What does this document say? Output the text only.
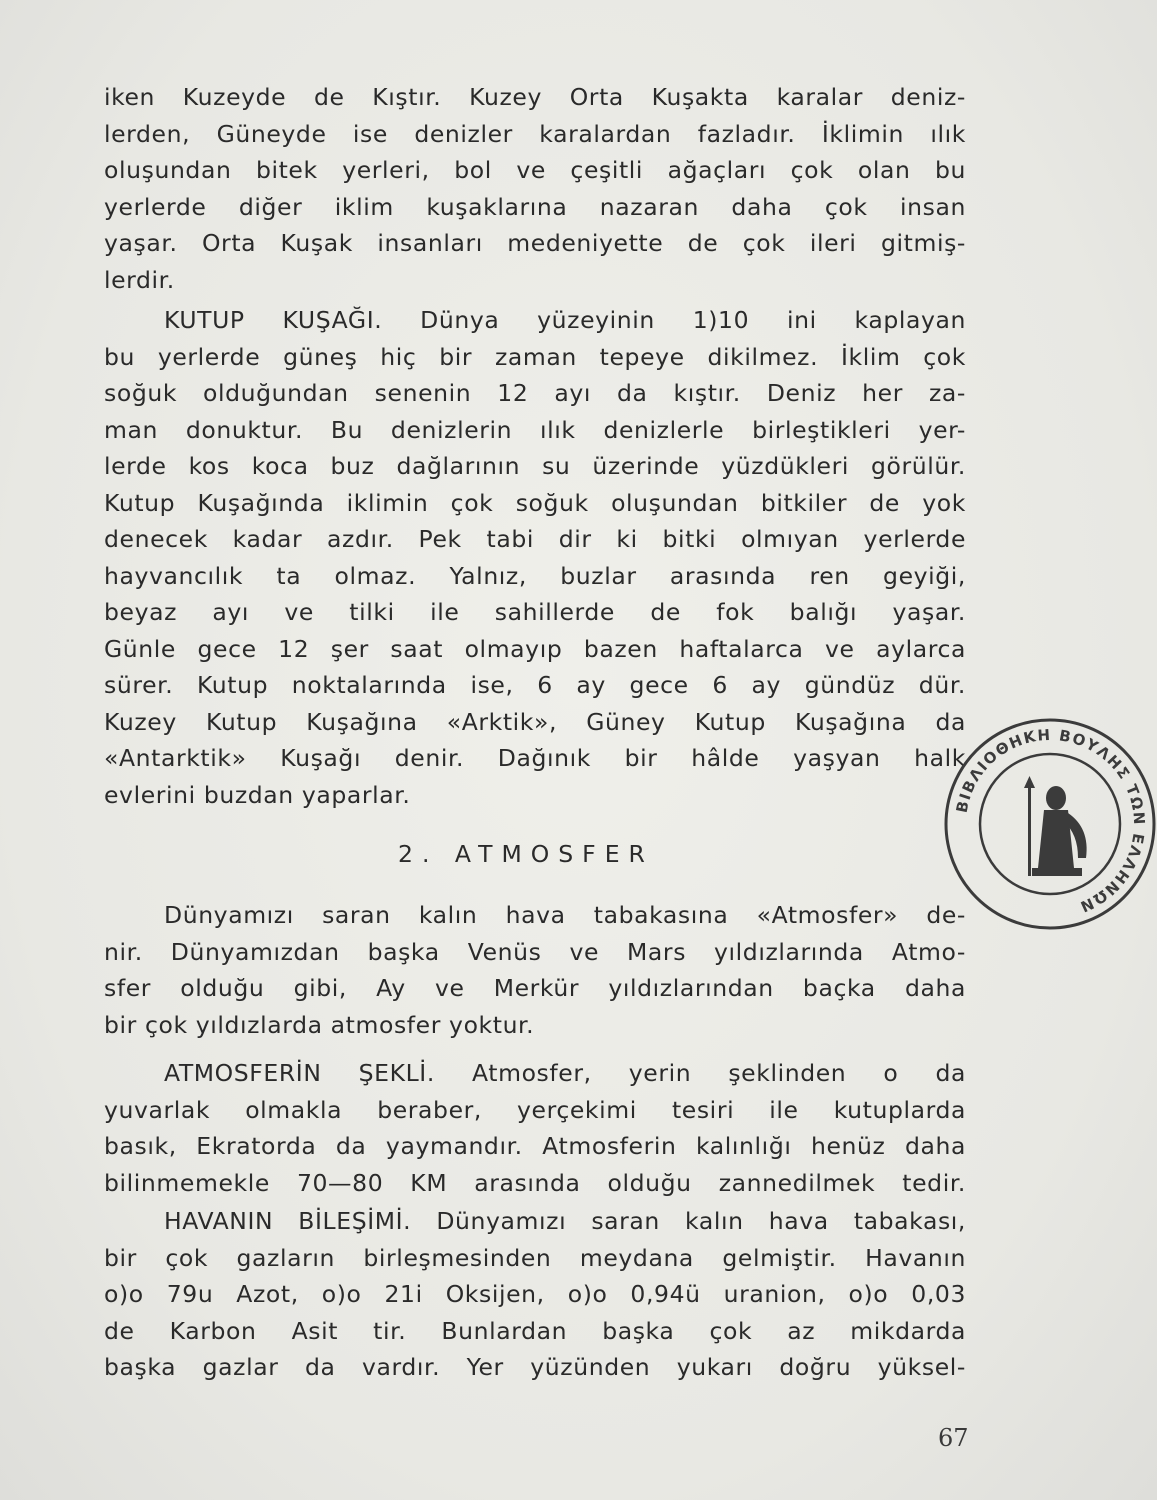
iken Kuzeyde de Kıştır. Kuzey Orta Kuşakta karalar deniz-
lerden, Güneyde ise denizler karalardan fazladır. İklimin ılık
oluşundan bitek yerleri, bol ve çeşitli ağaçları çok olan bu
yerlerde diğer iklim kuşaklarına nazaran daha çok insan
yaşar. Orta Kuşak insanları medeniyette de çok ileri gitmiş-
lerdir.
KUTUP KUŞAĞI. Dünya yüzeyinin 1)10 ini kaplayan
bu yerlerde güneş hiç bir zaman tepeye dikilmez. İklim çok
soğuk olduğundan senenin 12 ayı da kıştır. Deniz her za-
man donuktur. Bu denizlerin ılık denizlerle birleştikleri yer-
lerde kos koca buz dağlarının su üzerinde yüzdükleri görülür.
Kutup Kuşağında iklimin çok soğuk oluşundan bitkiler de yok
denecek kadar azdır. Pek tabi dir ki bitki olmıyan yerlerde
hayvancılık ta olmaz. Yalnız, buzlar arasında ren geyiği,
beyaz ayı ve tilki ile sahillerde de fok balığı yaşar.
Günle gece 12 şer saat olmayıp bazen haftalarca ve aylarca
sürer. Kutup noktalarında ise, 6 ay gece 6 ay gündüz dür.
Kuzey Kutup Kuşağına «Arktik», Güney Kutup Kuşağına da
«Antarktik» Kuşağı denir. Dağınık bir hâlde yaşyan halk
evlerini buzdan yaparlar.
2. ATMOSFER
Dünyamızı saran kalın hava tabakasına «Atmosfer» de-
nir. Dünyamızdan başka Venüs ve Mars yıldızlarında Atmo-
sfer olduğu gibi, Ay ve Merkür yıldızlarından baçka daha
bir çok yıldızlarda atmosfer yoktur.
ATMOSFERİN ŞEKLİ. Atmosfer, yerin şeklinden o da
yuvarlak olmakla beraber, yerçekimi tesiri ile kutuplarda
basık, Ekratorda da yaymandır. Atmosferin kalınlığı henüz daha
bilinmemekle 70—80 KM arasında olduğu zannedilmek tedir.
HAVANIN BİLEŞİMİ. Dünyamızı saran kalın hava tabakası,
bir çok gazların birleşmesinden meydana gelmiştir. Havanın
o)o 79u Azot, o)o 21i Oksijen, o)o 0,94ü uranion, o)o 0,03
de Karbon Asit tir. Bunlardan başka çok az mikdarda
başka gazlar da vardır. Yer yüzünden yukarı doğru yüksel-
67
ΒΙΒΛΙΟΘΗΚΗ ΒΟΥΛΗΣ ΤΩΝ ΕΛΛΗΝΩΝ
